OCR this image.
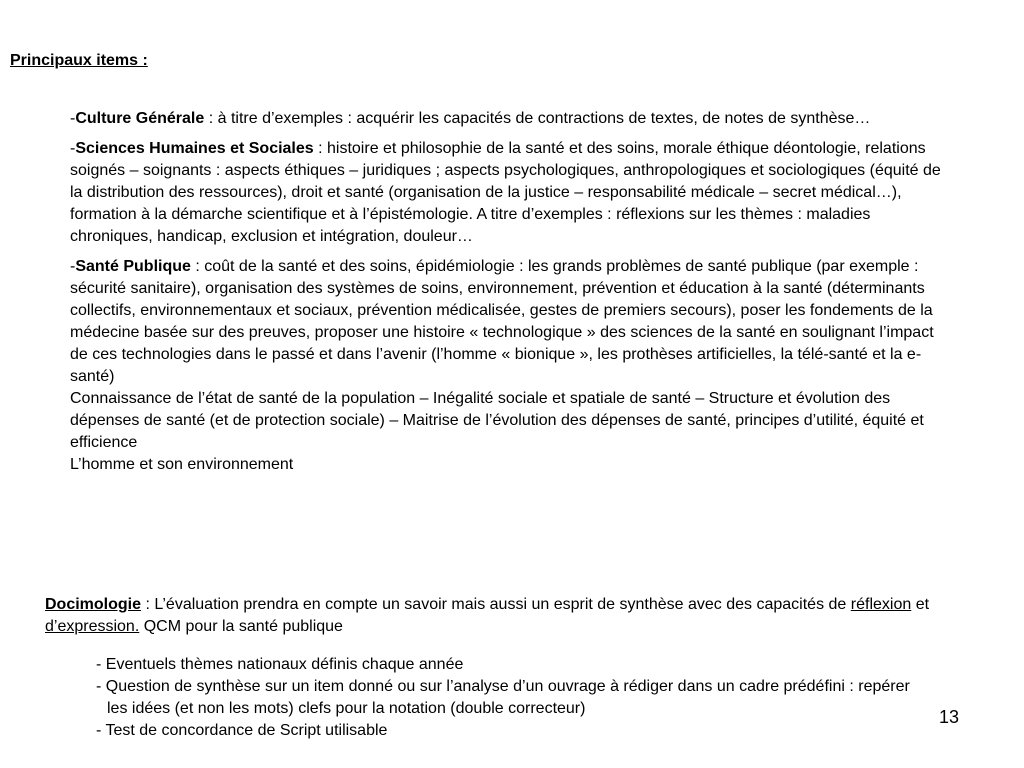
Principaux items :

-Culture Générale : à titre d’exemples : acquérir les capacités de contractions de textes, de notes de synthèse…

-Sciences Humaines et Sociales : histoire et philosophie de la santé et des soins, morale éthique déontologie, relations soignés – soignants : aspects éthiques – juridiques ; aspects psychologiques, anthropologiques et sociologiques (équité de la distribution des ressources), droit et santé (organisation de la justice – responsabilité médicale – secret médical…), formation à la démarche scientifique et à l’épistémologie. A titre d’exemples : réflexions sur les thèmes : maladies chroniques, handicap, exclusion et intégration, douleur…

-Santé Publique : coût de la santé et des soins, épidémiologie : les grands problèmes de santé publique (par exemple : sécurité sanitaire), organisation des systèmes de soins, environnement, prévention et éducation à la santé (déterminants collectifs, environnementaux et sociaux, prévention médicalisée, gestes de premiers secours), poser les fondements de la médecine basée sur des preuves, proposer une histoire « technologique » des sciences de la santé en soulignant l’impact de ces technologies dans le passé et dans l’avenir (l’homme « bionique », les prothèses artificielles, la télé-santé et la e-santé)
Connaissance de l’état de santé de la population – Inégalité sociale et spatiale de santé – Structure et évolution des dépenses de santé (et de protection sociale) – Maitrise de l’évolution des dépenses de santé, principes d’utilité, équité et efficience
L’homme et son environnement

Docimologie : L’évaluation prendra en compte un savoir mais aussi un esprit de synthèse avec des capacités de réflexion et d’expression. QCM pour la santé publique

- Eventuels thèmes nationaux définis chaque année
- Question de synthèse sur un item donné ou sur l’analyse d’un ouvrage à rédiger dans un cadre prédéfini : repérer les idées (et non les mots) clefs pour la notation (double correcteur)
- Test de concordance de Script utilisable

13
